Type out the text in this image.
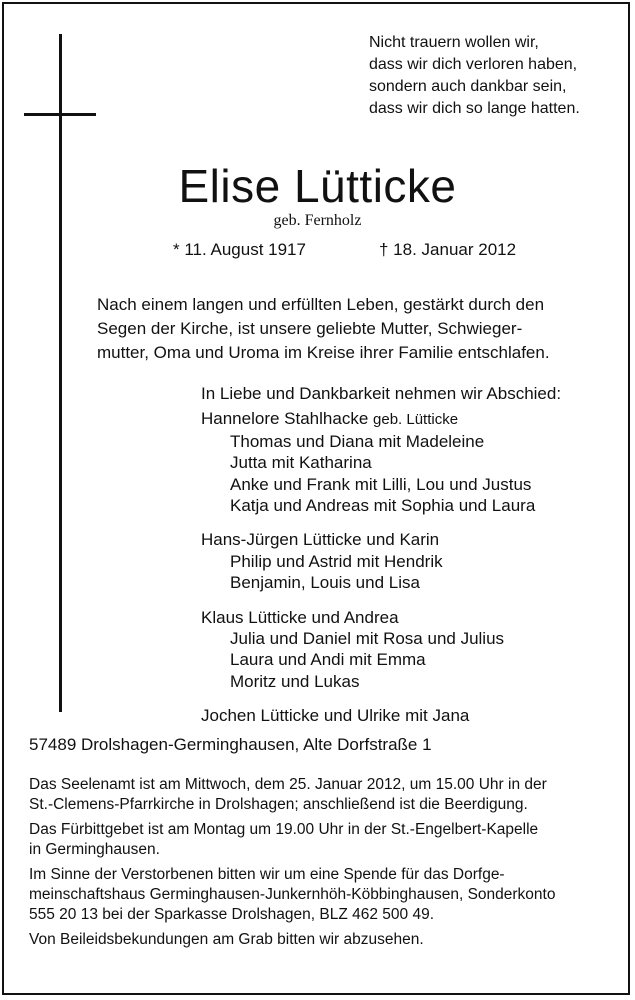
Nicht trauern wollen wir,
dass wir dich verloren haben,
sondern auch dankbar sein,
dass wir dich so lange hatten.
Elise Lütticke
geb. Fernholz
* 11. August 1917	† 18. Januar 2012
Nach einem langen und erfüllten Leben, gestärkt durch den
Segen der Kirche, ist unsere geliebte Mutter, Schwieger-
mutter, Oma und Uroma im Kreise ihrer Familie entschlafen.
In Liebe und Dankbarkeit nehmen wir Abschied:
Hannelore Stahlhacke geb. Lütticke
Thomas und Diana mit Madeleine
Jutta mit Katharina
Anke und Frank mit Lilli, Lou und Justus
Katja und Andreas mit Sophia und Laura
Hans-Jürgen Lütticke und Karin
Philip und Astrid mit Hendrik
Benjamin, Louis und Lisa
Klaus Lütticke und Andrea
Julia und Daniel mit Rosa und Julius
Laura und Andi mit Emma
Moritz und Lukas
Jochen Lütticke und Ulrike mit Jana
57489 Drolshagen-Germinghausen, Alte Dorfstraße 1
Das Seelenamt ist am Mittwoch, dem 25. Januar 2012, um 15.00 Uhr in der
St.-Clemens-Pfarrkirche in Drolshagen; anschließend ist die Beerdigung.
Das Fürbittgebet ist am Montag um 19.00 Uhr in der St.-Engelbert-Kapelle
in Germinghausen.
Im Sinne der Verstorbenen bitten wir um eine Spende für das Dorfge-
meinschaftshaus Germinghausen-Junkernhöh-Köbbinghausen, Sonderkonto
555 20 13 bei der Sparkasse Drolshagen, BLZ 462 500 49.
Von Beileidsbekundungen am Grab bitten wir abzusehen.
